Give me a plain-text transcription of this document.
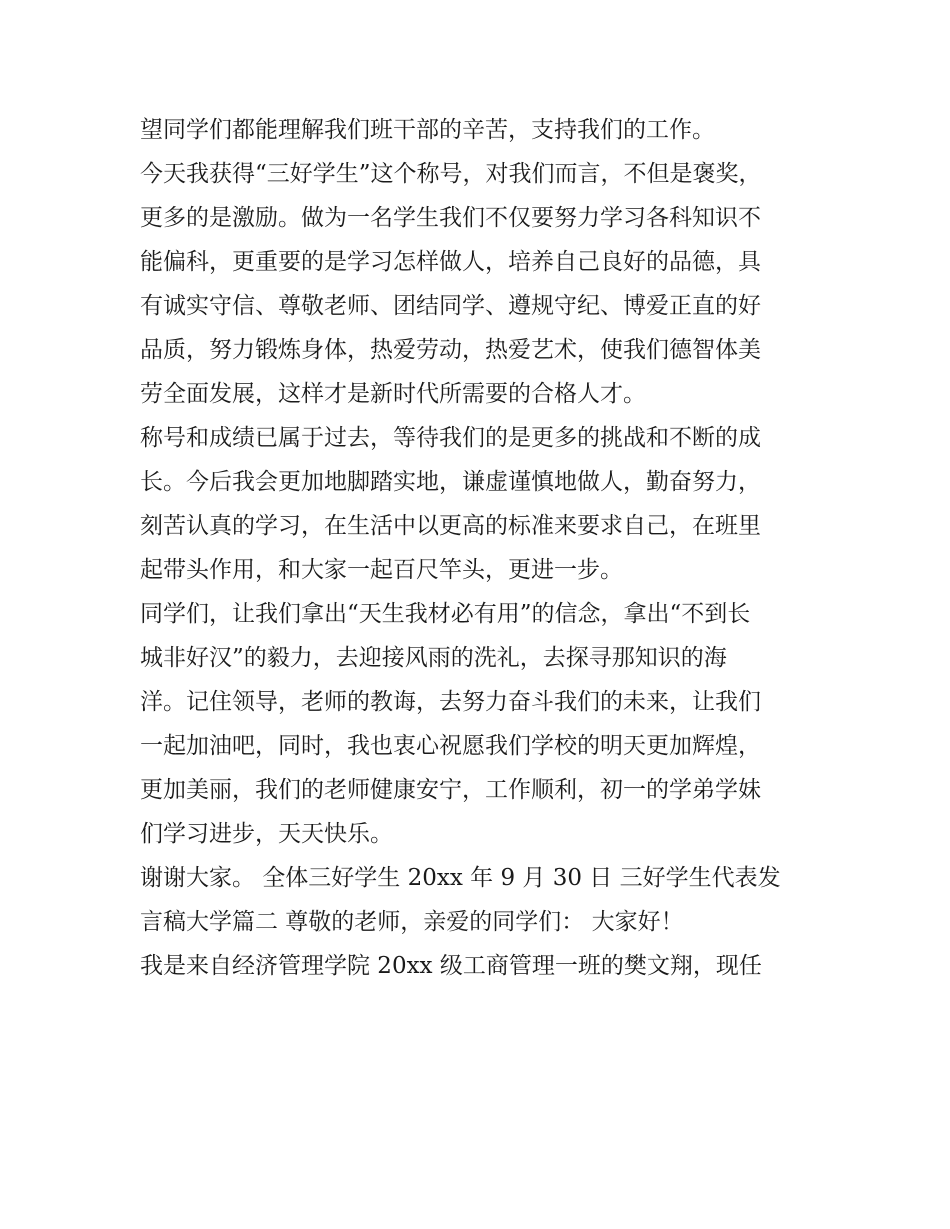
望同学们都能理解我们班干部的辛苦，支持我们的工作。
今天我获得“三好学生”这个称号，对我们而言，不但是褒奖，
更多的是激励。做为一名学生我们不仅要努力学习各科知识不
能偏科，更重要的是学习怎样做人，培养自己良好的品德，具
有诚实守信、尊敬老师、团结同学、遵规守纪、博爱正直的好
品质，努力锻炼身体，热爱劳动，热爱艺术，使我们德智体美
劳全面发展，这样才是新时代所需要的合格人才。
称号和成绩已属于过去，等待我们的是更多的挑战和不断的成
长。今后我会更加地脚踏实地，谦虚谨慎地做人，勤奋努力，
刻苦认真的学习，在生活中以更高的标准来要求自己，在班里
起带头作用，和大家一起百尺竿头，更进一步。
同学们，让我们拿出“天生我材必有用”的信念，拿出“不到长
城非好汉”的毅力，去迎接风雨的洗礼，去探寻那知识的海
洋。记住领导，老师的教诲，去努力奋斗我们的未来，让我们
一起加油吧，同时，我也衷心祝愿我们学校的明天更加辉煌，
更加美丽，我们的老师健康安宁，工作顺利，初一的学弟学妹
们学习进步，天天快乐。
谢谢大家。 全体三好学生 20xx 年 9 月 30 日 三好学生代表发
言稿大学篇二 尊敬的老师，亲爱的同学们： 大家好！
我是来自经济管理学院 20xx 级工商管理一班的樊文翔，现任
